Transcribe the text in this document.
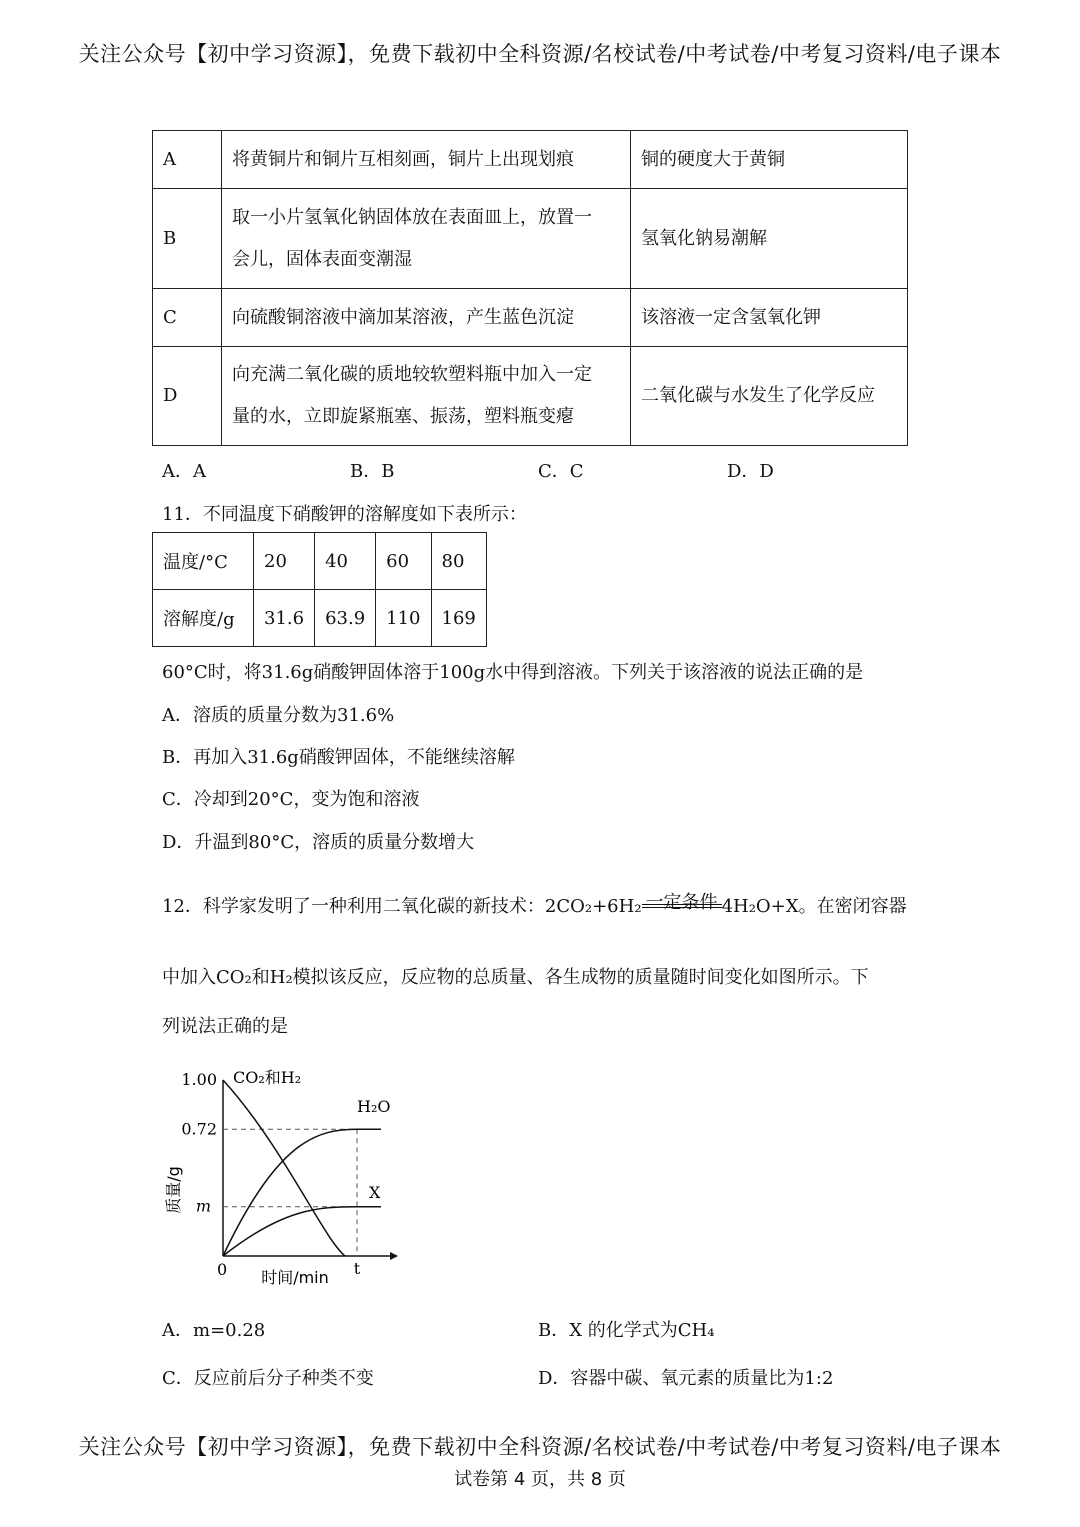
关注公众号【初中学习资源】，免费下载初中全科资源/名校试卷/中考试卷/中考复习资料/电子课本
A	将黄铜片和铜片互相刻画，铜片上出现划痕	铜的硬度大于黄铜
B	取一小片氢氧化钠固体放在表面皿上，放置一
会儿，固体表面变潮湿	氢氧化钠易潮解
C	向硫酸铜溶液中滴加某溶液，产生蓝色沉淀	该溶液一定含氢氧化钾
D	向充满二氧化碳的质地较软塑料瓶中加入一定
量的水，立即旋紧瓶塞、振荡，塑料瓶变瘪	二氧化碳与水发生了化学反应
A．A	B．B	C．C	D．D
11．不同温度下硝酸钾的溶解度如下表所示：
温度/°C	20	40	60	80
溶解度/g	31.6	63.9	110	169
60°C时，将31.6g硝酸钾固体溶于100g水中得到溶液。下列关于该溶液的说法正确的是
A．溶质的质量分数为31.6%
B．再加入31.6g硝酸钾固体，不能继续溶解
C．冷却到20°C，变为饱和溶液
D．升温到80°C，溶质的质量分数增大
12．科学家发明了一种利用二氧化碳的新技术：2CO₂+6H₂ 一定条件 4H₂O+X。在密闭容器
中加入CO₂和H₂模拟该反应，反应物的总质量、各生成物的质量随时间变化如图所示。下
列说法正确的是
1.00
0.72
m
0	t
时间/min
质量/g
CO₂和H₂
H₂O
X
A．m=0.28	B．X 的化学式为CH₄
C．反应前后分子种类不变	D．容器中碳、氧元素的质量比为1:2
关注公众号【初中学习资源】，免费下载初中全科资源/名校试卷/中考试卷/中考复习资料/电子课本
试卷第 4 页，共 8 页
